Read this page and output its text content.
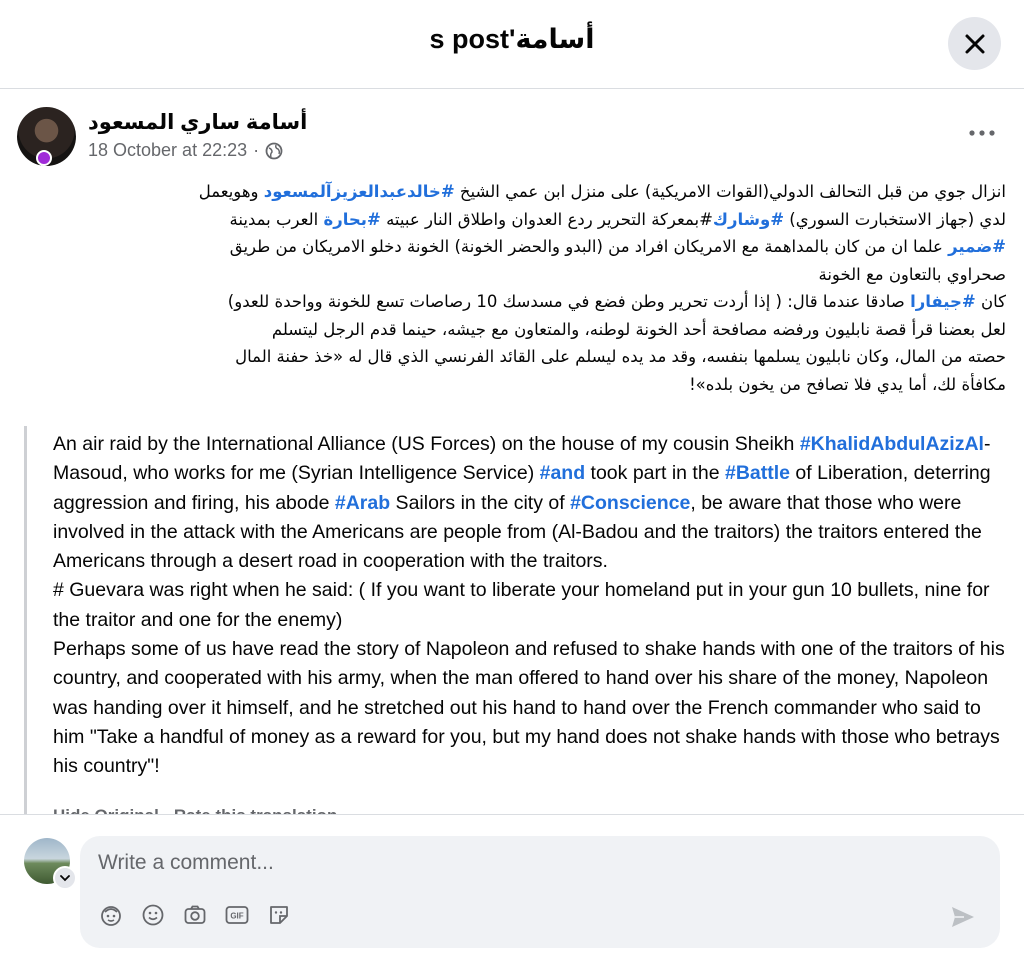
s post'أسامة
أسامة ساري المسعود
18 October at 22:23 ·

انزال جوي من قبل التحالف الدولي(القوات الامريكية) على منزل ابن عمي الشيخ #خالدعبدالعزيزآلمسعود وهويعمل

لدي (جهاز الاستخبارت السوري) #وشارك#بمعركة التحرير ردع العدوان واطلاق النار عبيته #بحارة العرب بمدينة

#ضمير علما ان من كان بالمداهمة مع الامريكان افراد من (البدو والحضر الخونة) الخونة دخلو الامريكان من طريق

صحراوي بالتعاون مع الخونة

كان #جيفارا صادقا عندما قال: ( إذا أردت تحرير وطن فضع في مسدسك 10 رصاصات تسع للخونة وواحدة للعدو)

لعل بعضنا قرأ قصة نابليون ورفضه مصافحة أحد الخونة لوطنه، والمتعاون مع جيشه، حينما قدم الرجل ليتسلم

حصته من المال، وكان نابليون يسلمها بنفسه، وقد مد يده ليسلم على القائد الفرنسي الذي قال له «خذ حفنة المال

مكافأة لك، أما يدي فلا تصافح من يخون بلده»!

An air raid by the International Alliance (US Forces) on the house of my cousin Sheikh #KhalidAbdulAzizAl-Masoud, who works for me (Syrian Intelligence Service) #and took part in the #Battle of Liberation, deterring aggression and firing, his abode #Arab Sailors in the city of #Conscience, be aware that those who were involved in the attack with the Americans are people from (Al-Badou and the traitors) the traitors entered the Americans through a desert road in cooperation with the traitors.

# Guevara was right when he said: ( If you want to liberate your homeland put in your gun 10 bullets, nine for the traitor and one for the enemy)

Perhaps some of us have read the story of Napoleon and refused to shake hands with one of the traitors of his country, and cooperated with his army, when the man offered to hand over his share of the money, Napoleon was handing over it himself, and he stretched out his hand to hand over the French commander who said to him "Take a handful of money as a reward for you, but my hand does not shake hands with those who betrays his country"!

Write a comment...
GIF
